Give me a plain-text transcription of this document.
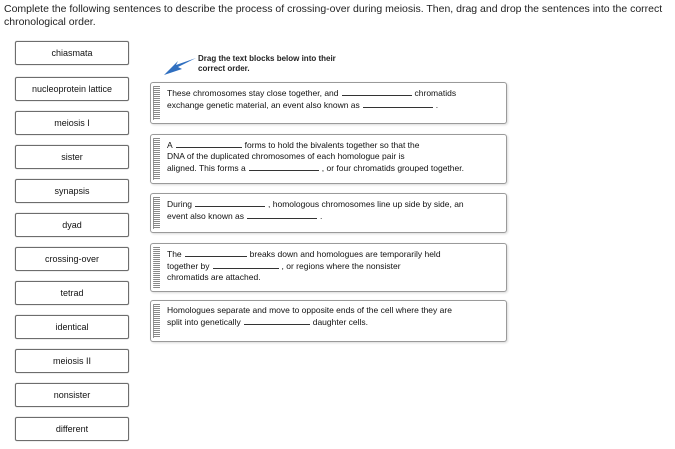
Complete the following sentences to describe the process of crossing-over during meiosis. Then, drag and drop the sentences into the correct chronological order.
chiasmata
nucleoprotein lattice
meiosis I
sister
synapsis
dyad
crossing-over
tetrad
identical
meiosis II
nonsister
different
Drag the text blocks below into their correct order.
These chromosomes stay close together, and	chromatids
exchange genetic material, an event also known as	.
A	forms to hold the bivalents together so that the
DNA of the duplicated chromosomes of each homologue pair is
aligned. This forms a	, or four chromatids grouped together.
During	, homologous chromosomes line up side by side, an
event also known as	.
The	breaks down and homologues are temporarily held
together by	, or regions where the nonsister
chromatids are attached.
Homologues separate and move to opposite ends of the cell where they are
split into genetically	daughter cells.
